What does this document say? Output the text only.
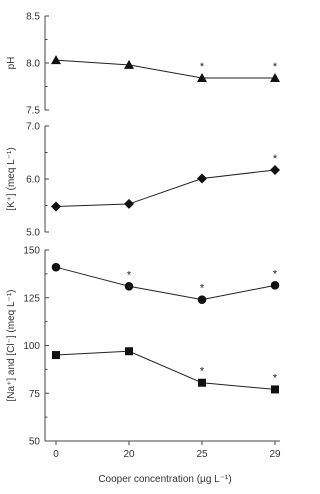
7.5
8.0
8.5
pH	*	*
5.0
6.0
7.0
[K⁺] (meq L⁻¹)	*
50
75
100
125
150
[Na⁺] and [Cl⁻] (meq L⁻¹)
*
*
*
*
*
0	20	25	29
Cooper concentration (µg L⁻¹)
